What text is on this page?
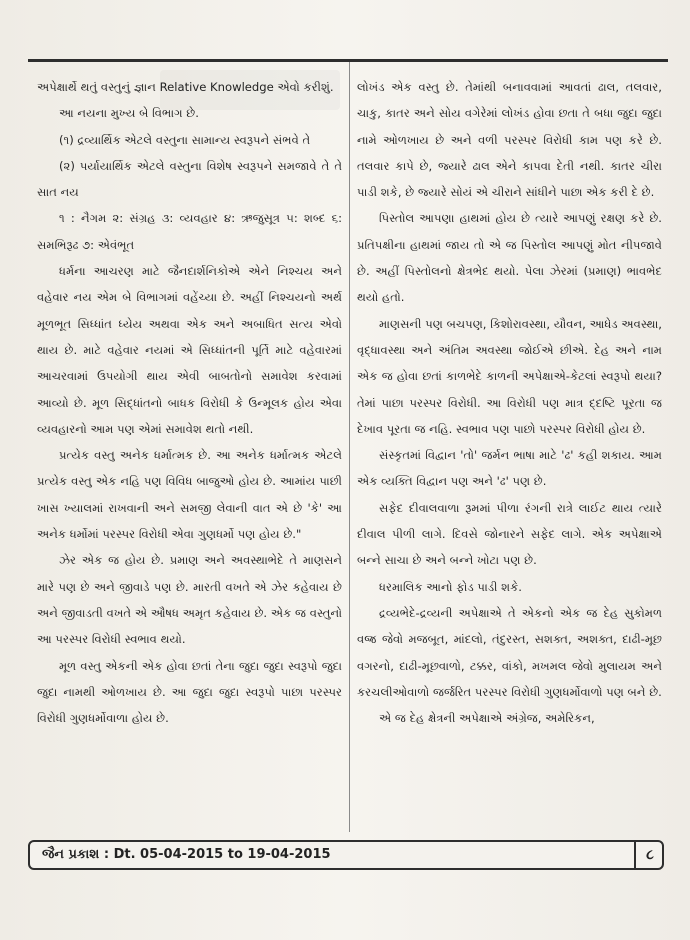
અપેક્ષાર્થે થતું વસ્તુનું જ્ઞાન Relative Knowledge એવો કરીશું.

આ નયના મુખ્ય બે વિભાગ છે.

(૧) દ્રવ્યાર્થિક એટલે વસ્તુના સામાન્ય સ્વરૂપને સંભવે તે

(૨) પર્યાયાર્થિક એટલે વસ્તુના વિશેષ સ્વરૂપને સમજાવે તે તે સાત નય

૧ : નૈગમ ૨: સંગ્રહ ૩: વ્યવહાર ૪: ઋજુસૂત્ર ૫: શબ્દ ૬: સમભિરૂઢ ૭: એવંભૂત

ધર્મના આચરણ માટે જૈનદાર્શનિકોએ એને નિશ્ચય અને વહેવાર નય એમ બે વિભાગમાં વહેંચ્યા છે. અહીં નિશ્ચયનો અર્થ મૂળભૂત સિધ્ધાંત ધ્યેય અથવા એક અને અબાધિત સત્ય એવો થાય છે. માટે વહેવાર નયમાં એ સિધ્ધાંતની પૂર્તિ માટે વહેવારમાં આચરવામાં ઉપયોગી થાય એવી બાબતોનો સમાવેશ કરવામાં આવ્યો છે. મૂળ સિદ્ધાંતનો બાધક વિરોધી કે ઉન્મૂલક હોય એવા વ્યવહારનો આમ પણ એમાં સમાવેશ થતો નથી.

પ્રત્યેક વસ્તુ અનેક ધર્માત્મક છે. આ અનેક ધર્માત્મક એટલે પ્રત્યેક વસ્તુ એક નહિ પણ વિવિધ બાજુઓ હોય છે. આમાંય પાછી ખાસ ખ્યાલમાં રાખવાની અને સમજી લેવાની વાત એ છે 'કે' આ અનેક ધર્મોમાં પરસ્પર વિરોધી એવા ગુણધર્મો પણ હોય છે."

ઝેર એક જ હોય છે. પ્રમાણ અને અવસ્થાભેદે તે માણસને મારે પણ છે અને જીવાડે પણ છે. મારતી વખતે એ ઝેર કહેવાય છે અને જીવાડતી વખતે એ ઔષધ અમૃત કહેવાય છે. એક જ વસ્તુનો આ પરસ્પર વિરોધી સ્વભાવ થયો.

મૂળ વસ્તુ એકની એક હોવા છતાં તેના જુદા જુદા સ્વરૂપો જુદા જુદા નામથી ઓળખાય છે. આ જુદા જુદા સ્વરૂપો પાછા પરસ્પર વિરોધી ગુણધર્મોવાળા હોય છે.

લોખંડ એક વસ્તુ છે. તેમાંથી બનાવવામાં આવતાં ઢાલ, તલવાર, ચાકુ, કાતર અને સોય વગેરેમાં લોખંડ હોવા છતા તે બધા જુદા જુદા નામે ઓળખાય છે અને વળી પરસ્પર વિરોધી કામ પણ કરે છે. તલવાર કાપે છે, જ્યારે ઢાલ એને કાપવા દેતી નથી. કાતર ચીરા પાડી શકે, છે જ્યારે સોયં એ ચીરાને સાંધીને પાછા એક કરી દે છે.

પિસ્તોલ આપણા હાથમાં હોય છે ત્યારે આપણું રક્ષણ કરે છે. પ્રતિપક્ષીના હાથમાં જાય તો એ જ પિસ્તોલ આપણું મોત નીપજાવે છે. અહીં પિસ્તોલનો ક્ષેત્રભેદ થયો. પેલા ઝેરમાં (પ્રમાણ) ભાવભેદ થયો હતો.

માણસની પણ બચપણ, કિશોરાવસ્થા, યૌવન, આધેડ અવસ્થા, વૃદ્ધાવસ્થા અને અંતિમ અવસ્થા જોઈએ છીએ. દેહ અને નામ એક જ હોવા છતાં કાળભેદે કાળની અપેક્ષાએ-કેટલાં સ્વરૂપો થયા? તેમાં પાછા પરસ્પર વિરોધી. આ વિરોધી પણ માત્ર દ્દષ્ટિ પૂરતા જ દેખાવ પૂરતા જ નહિ. સ્વભાવ પણ પાછો પરસ્પર વિરોધી હોય છે.

સંસ્કૃતમાં વિદ્વાન 'તો' જર્મન ભાષા માટે 'ઢ' કહી શકાય. આમ એક વ્યક્તિ વિદ્વાન પણ અને 'ઢ' પણ છે.

સફેદ દીવાલવાળા રૂમમાં પીળા રંગની રાત્રે લાઈટ થાય ત્યારે દીવાલ પીળી લાગે. દિવસે જોનારને સફેદ લાગે. એક અપેક્ષાએ બન્ને સાચા છે અને બન્ને ખોટા પણ છે.

ધરમાલિક આનો ફોડ પાડી શકે.

દ્રવ્યભેદે-દ્રવ્યની અપેક્ષાએ તે એકનો એક જ દેહ સુકોમળ વજ્ર જેવો મજબૂત, માંદલો, તંદુરસ્ત, સશક્ત, અશક્ત, દાઢી-મૂછ વગરનો, દાઢી-મૂછવાળો, ટક્કર, વાંકો, મખમલ જેવો મુલાયમ અને કરચલીઓવાળો જર્જરિત પરસ્પર વિરોધી ગુણધર્મોવાળો પણ બને છે.

એ જ દેહ ક્ષેત્રની અપેક્ષાએ અંગ્રેજ, અમેરિકન,

જૈન પ્રકાશ : Dt. 05-04-2015 to 19-04-2015	૮
